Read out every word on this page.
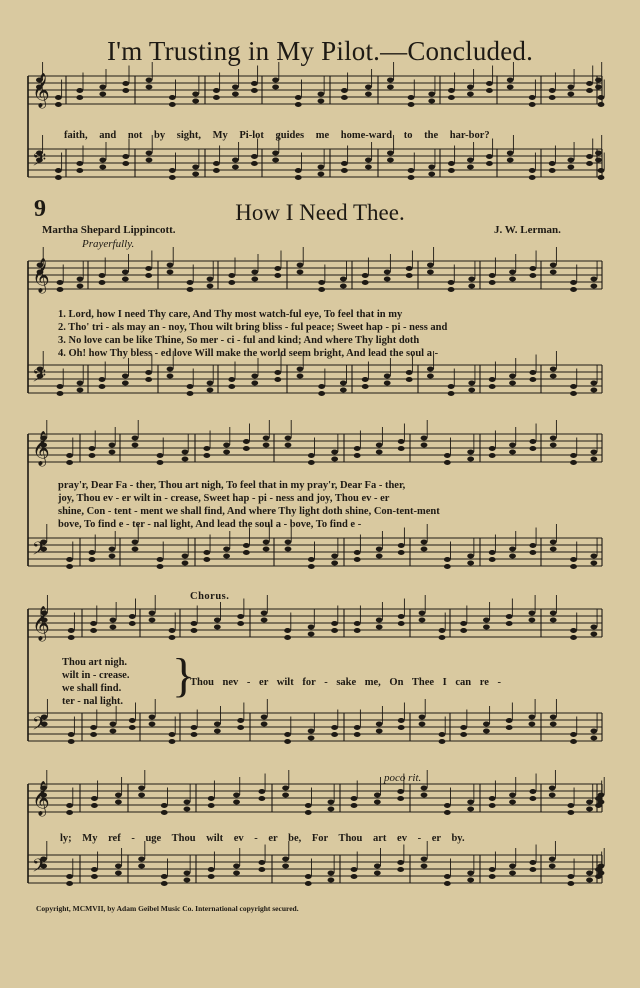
𝄞
𝄢
𝄞
𝄢
𝄞
𝄢
𝄞
𝄢
𝄞
𝄢
I'm Trusting in My Pilot.—Concluded.
faith, and not by sight, My Pi-lot guides me home-ward to the har-bor?
9	How I Need Thee.
Martha Shepard Lippincott.	J. W. Lerman.
Prayerfully.
1. Lord, how I need Thy care, And Thy most watch-ful eye, To feel that in my
2. Tho' tri - als may an - noy, Thou wilt bring bliss - ful peace; Sweet hap - pi - ness and
3. No love can be like Thine, So mer - ci - ful and kind; And where Thy light doth
4. Oh! how Thy bless - ed love Will make the world seem bright, And lead the soul a -
pray'r, Dear Fa - ther, Thou art nigh, To feel that in my pray'r, Dear Fa - ther,
joy, Thou ev - er wilt in - crease, Sweet hap - pi - ness and joy, Thou ev - er
shine, Con - tent - ment we shall find, And where Thy light doth shine, Con-tent-ment
bove, To find e - ter - nal light, And lead the soul a - bove, To find e -
Chorus.
Thou art nigh.
wilt in - crease.
we shall find.
ter - nal light. }
Thou nev - er wilt for - sake me, On Thee I can re -
poco rit.
ly; My ref - uge Thou wilt ev - er be, For Thou art ev - er by.
Copyright, MCMVII, by Adam Geibel Music Co. International copyright secured.
